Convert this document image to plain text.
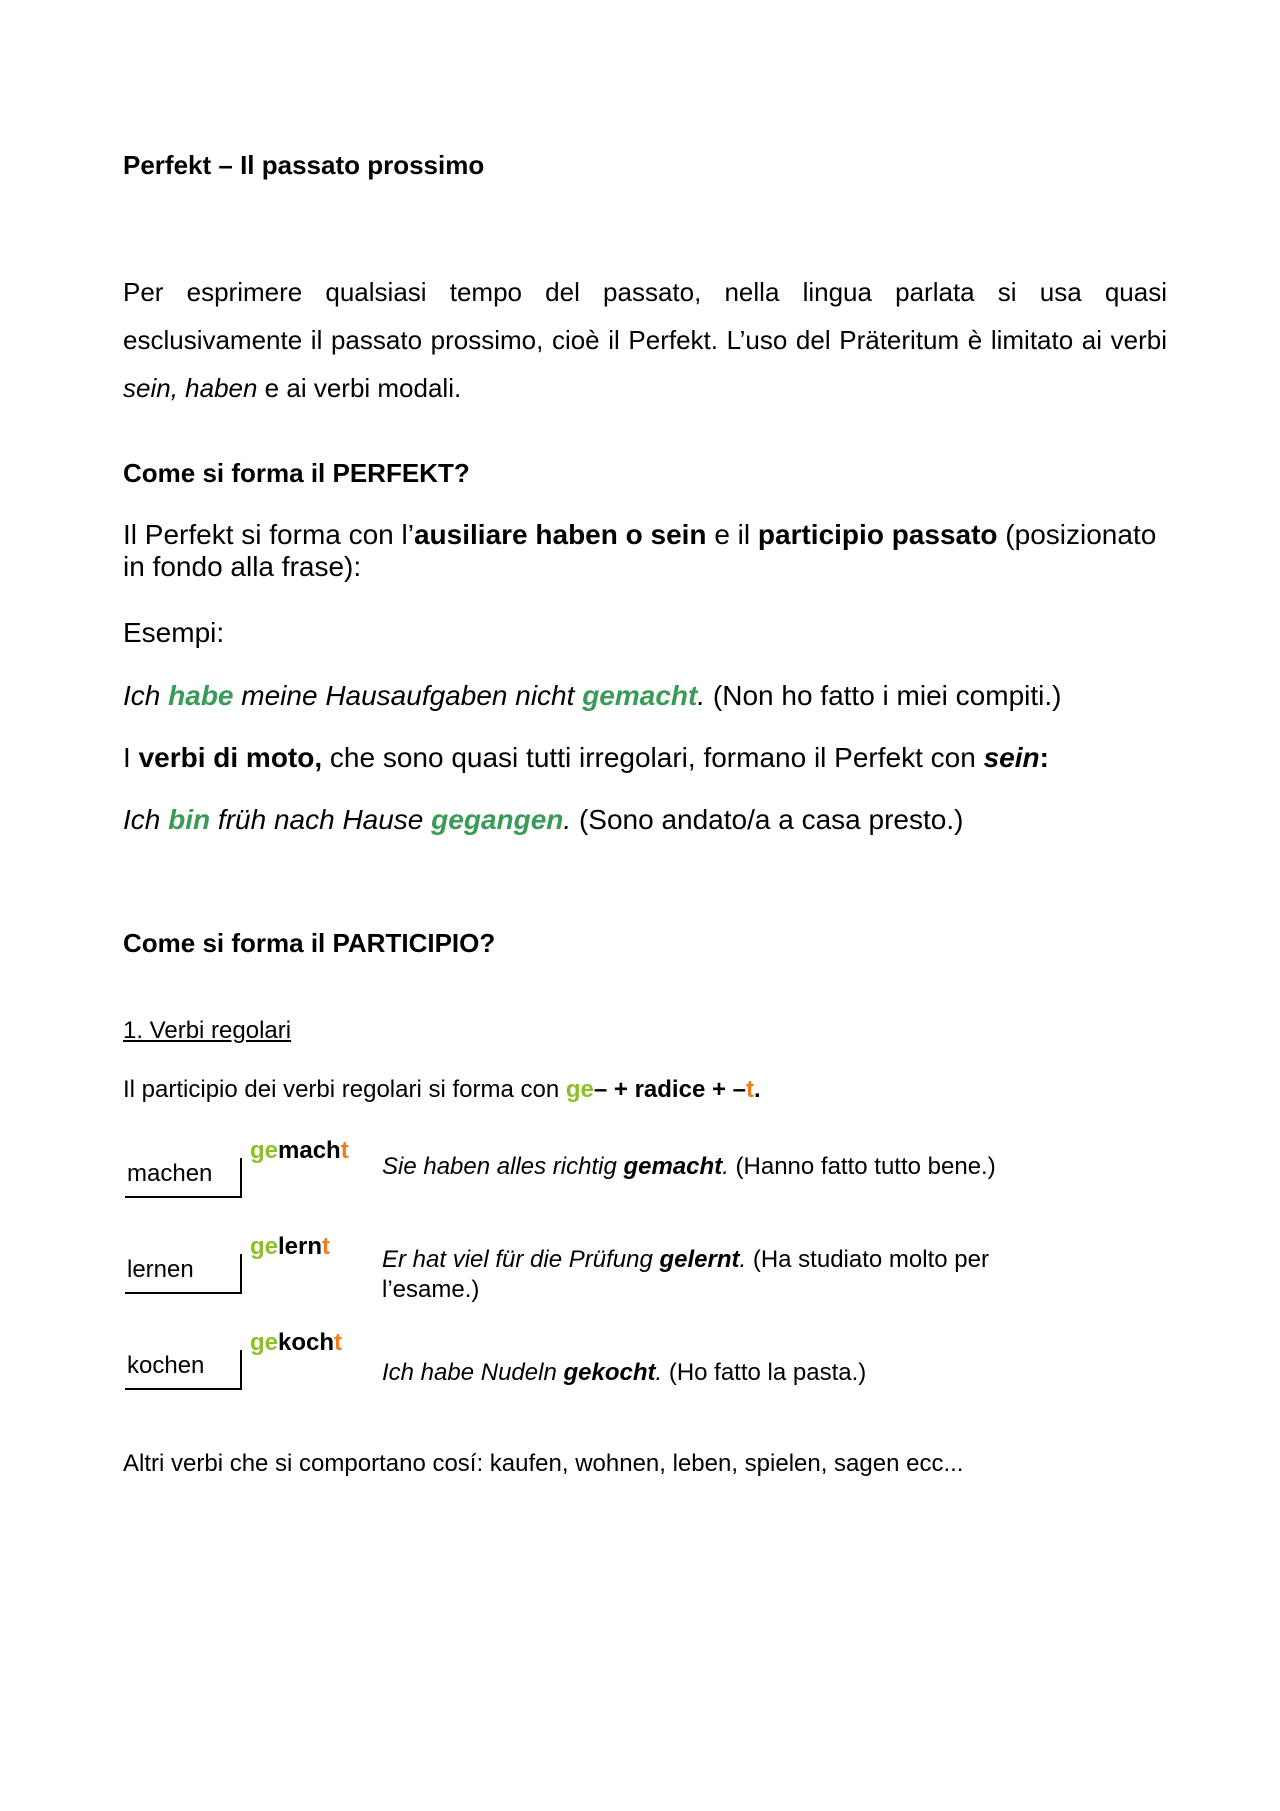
Perfekt – Il passato prossimo
Per esprimere qualsiasi tempo del passato, nella lingua parlata si usa quasi esclusivamente il passato prossimo, cioè il Perfekt. L’uso del Präteritum è limitato ai verbi sein, haben e ai verbi modali.
Come si forma il PERFEKT?
Il Perfekt si forma con l’ausiliare haben o sein e il participio passato (posizionato in fondo alla frase):
Esempi:
Ich habe meine Hausaufgaben nicht gemacht. (Non ho fatto i miei compiti.)
I verbi di moto, che sono quasi tutti irregolari, formano il Perfekt con sein:
Ich bin früh nach Hause gegangen. (Sono andato/a a casa presto.)
Come si forma il PARTICIPIO?
1. Verbi regolari
Il participio dei verbi regolari si forma con ge– + radice + –t.
machen
gemacht
Sie haben alles richtig gemacht. (Hanno fatto tutto bene.)
lernen
gelernt Er hat viel für die Prüfung gelernt. (Ha studiato molto per l’esame.)
kochen
gekocht
Ich habe Nudeln gekocht. (Ho fatto la pasta.)
Altri verbi che si comportano cosí: kaufen, wohnen, leben, spielen, sagen ecc...
